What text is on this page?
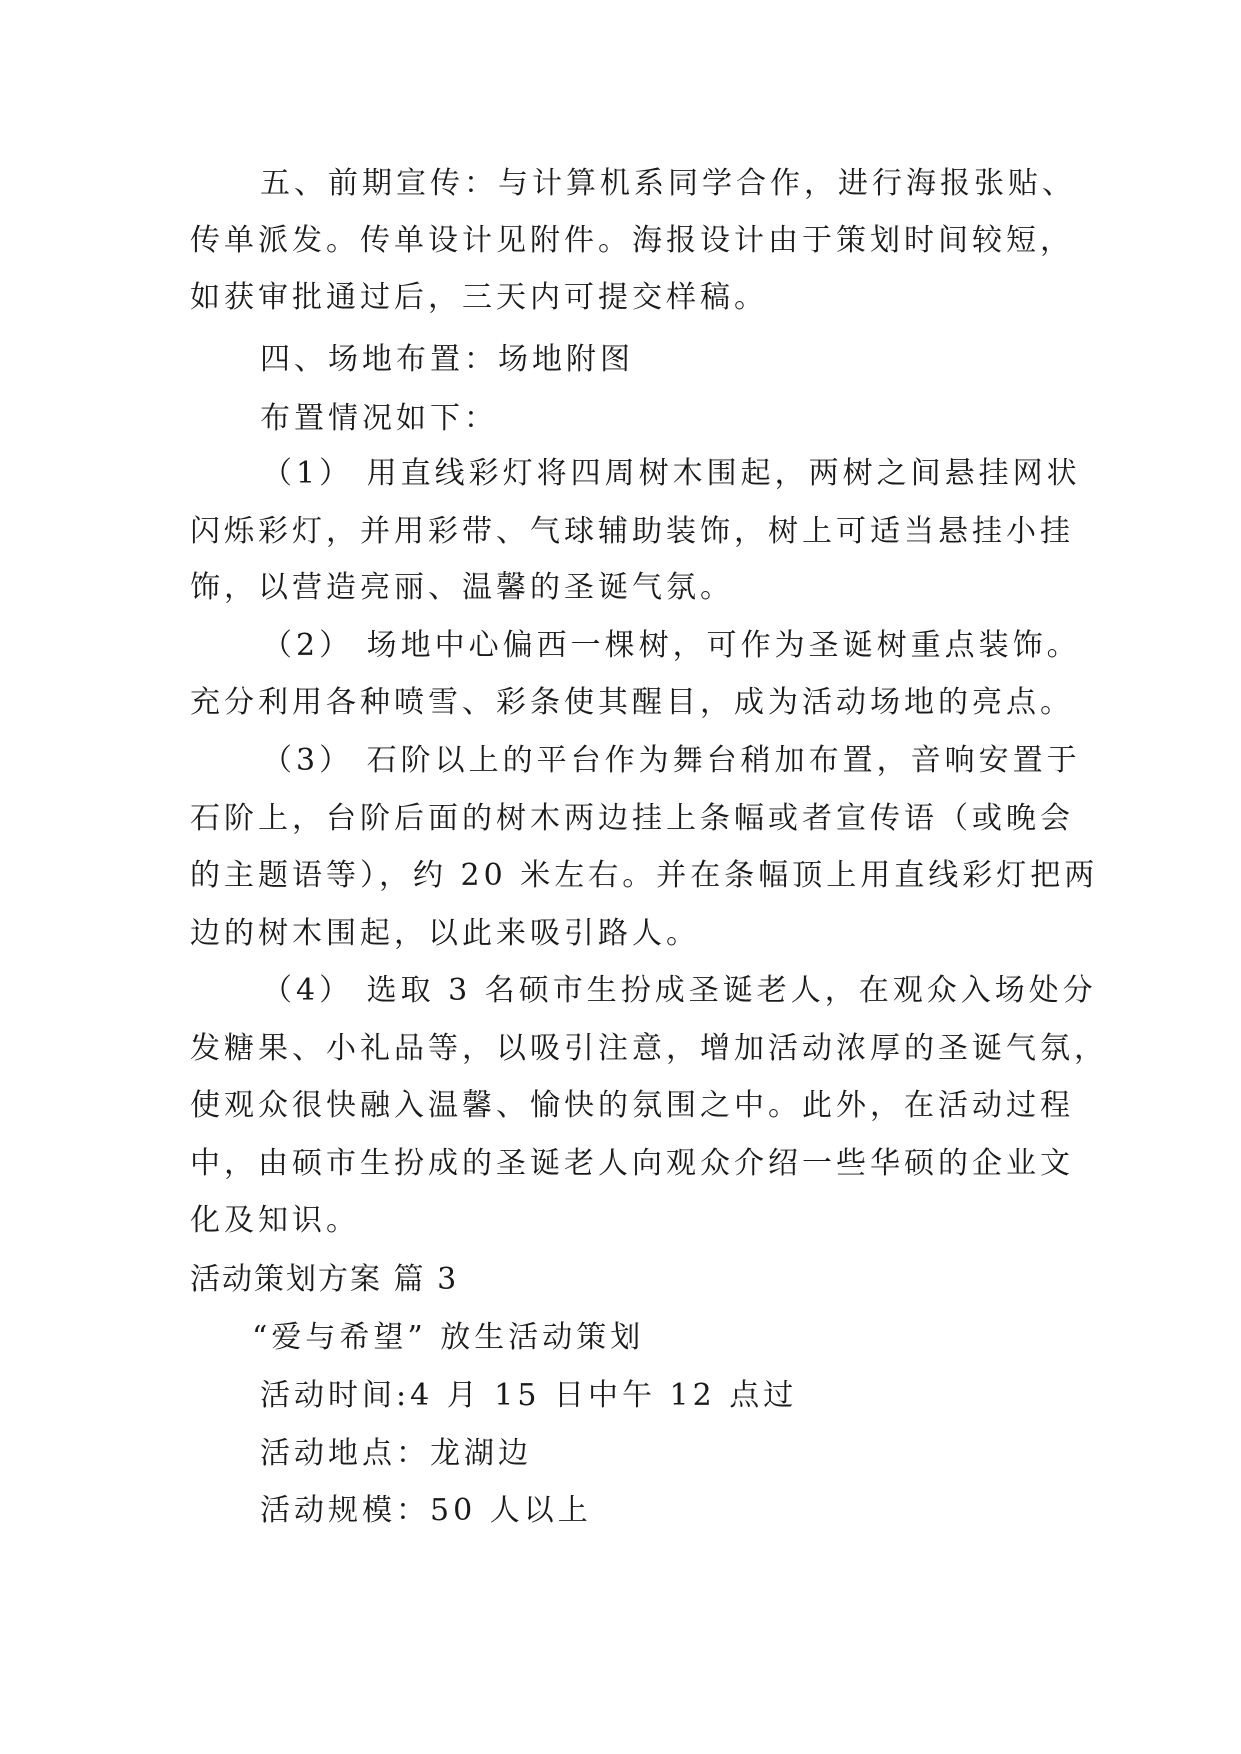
五、前期宣传：与计算机系同学合作，进行海报张贴、
传单派发。传单设计见附件。海报设计由于策划时间较短，
如获审批通过后，三天内可提交样稿。
四、场地布置：场地附图
布置情况如下：
（1） 用直线彩灯将四周树木围起，两树之间悬挂网状
闪烁彩灯，并用彩带、气球辅助装饰，树上可适当悬挂小挂
饰，以营造亮丽、温馨的圣诞气氛。
（2） 场地中心偏西一棵树，可作为圣诞树重点装饰。
充分利用各种喷雪、彩条使其醒目，成为活动场地的亮点。
（3） 石阶以上的平台作为舞台稍加布置，音响安置于
石阶上，台阶后面的树木两边挂上条幅或者宣传语（或晚会
的主题语等），约 20 米左右。并在条幅顶上用直线彩灯把两
边的树木围起，以此来吸引路人。
（4） 选取 3 名硕市生扮成圣诞老人，在观众入场处分
发糖果、小礼品等，以吸引注意，增加活动浓厚的圣诞气氛，
使观众很快融入温馨、愉快的氛围之中。此外，在活动过程
中，由硕市生扮成的圣诞老人向观众介绍一些华硕的企业文
化及知识。
活动策划方案 篇 3
“爱与希望” 放生活动策划
活动时间:4 月 15 日中午 12 点过
活动地点：龙湖边
活动规模：50 人以上
